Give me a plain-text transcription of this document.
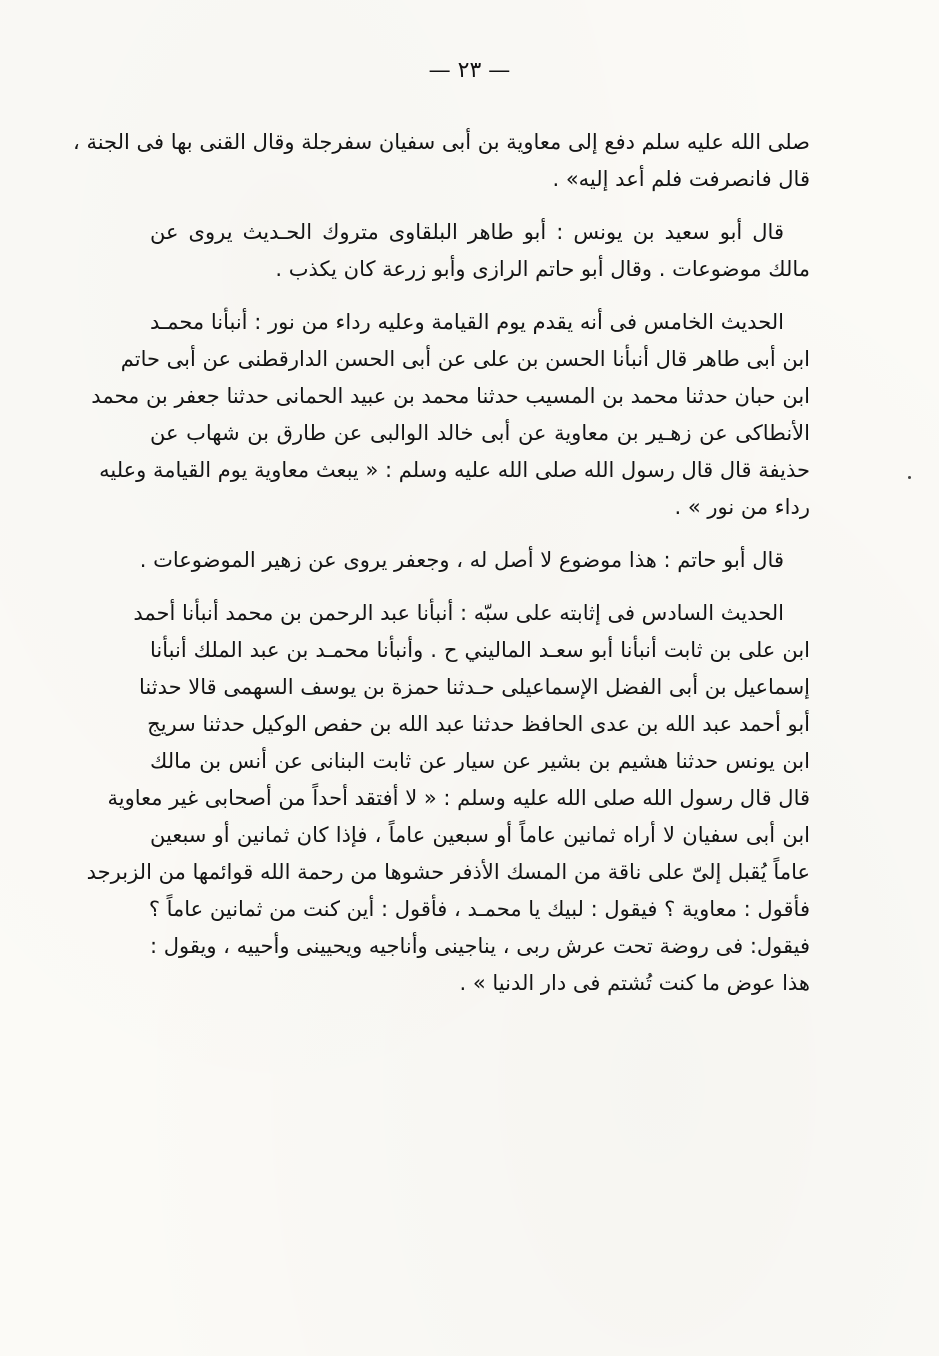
— ٢٣ —
صلى الله عليه سلم دفع إلى معاوية بن أبى سفيان سفرجلة وقال القنى بها فى الجنة ،
قال فانصرفت فلم أعد إليه» .
قال أبو سعيد بن يونس : أبو طاهر البلقاوى متروك الحـديث يروى عن
مالك موضوعات . وقال أبو حاتم الرازى وأبو زرعة كان يكذب .
الحديث الخامس فى أنه يقدم يوم القيامة وعليه رداء من نور : أنبأنا محمـد
ابن أبى طاهر قال أنبأنا الحسن بن على عن أبى الحسن الدارقطنى عن أبى حاتم
ابن حبان حدثنا محمد بن المسيب حدثنا محمد بن عبيد الحمانى حدثنا جعفر بن محمد
الأنطاكى عن زهـير بن معاوية عن أبى خالد الوالبى عن طارق بن شهاب عن
حذيفة قال قال رسول الله صلى الله عليه وسلم : « يبعث معاوية يوم القيامة وعليه
رداء من نور » .
قال أبو حاتم : هذا موضوع لا أصل له ، وجعفر يروى عن زهير الموضوعات .
الحديث السادس فى إثابته على سبّه : أنبأنا عبد الرحمن بن محمد أنبأنا أحمد
ابن على بن ثابت أنبأنا أبو سعـد الماليني ح . وأنبأنا محمـد بن عبد الملك أنبأنا
إسماعيل بن أبى الفضل الإسماعيلى حـدثنا حمزة بن يوسف السهمى قالا حدثنا
أبو أحمد عبد الله بن عدى الحافظ حدثنا عبد الله بن حفص الوكيل حدثنا سريج
ابن يونس حدثنا هشيم بن بشير عن سيار عن ثابت البنانى عن أنس بن مالك
قال قال رسول الله صلى الله عليه وسلم : « لا أفتقد أحداً من أصحابى غير معاوية
ابن أبى سفيان لا أراه ثمانين عاماً أو سبعين عاماً ، فإذا كان ثمانين أو سبعين
عاماً يُقبل إلىّ على ناقة من المسك الأذفر حشوها من رحمة الله قوائمها من الزبرجد
فأقول : معاوية ؟ فيقول : لبيك يا محمـد ، فأقول : أين كنت من ثمانين عاماً ؟
فيقول: فى روضة تحت عرش ربى ، يناجينى وأناجيه ويحيينى وأحييه ، ويقول :
هذا عوض ما كنت تُشتم فى دار الدنيا » .
